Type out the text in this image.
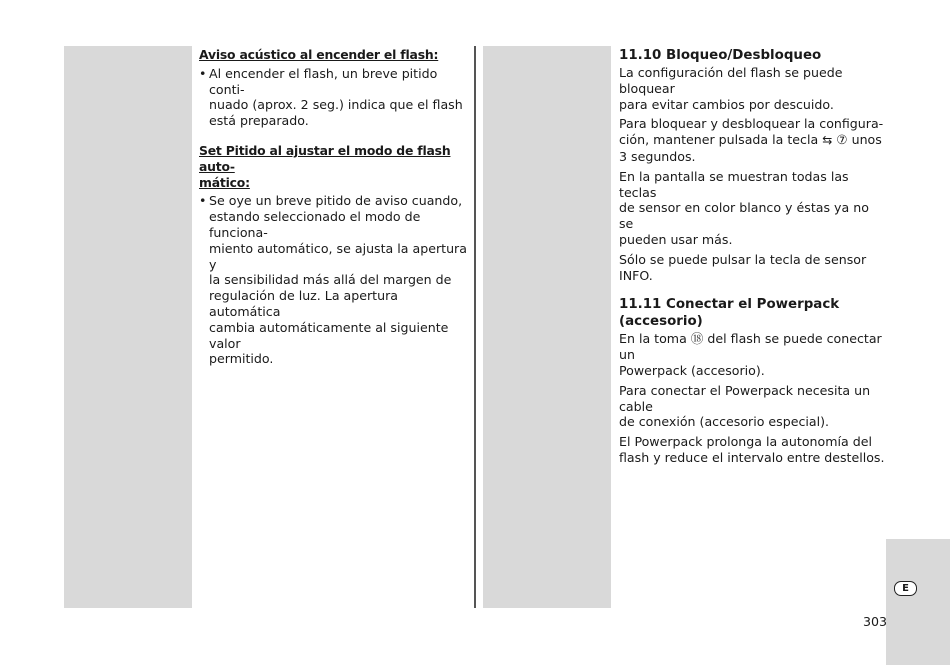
Aviso acústico al encender el flash:

• Al encender el flash, un breve pitido conti-
nuado (aprox. 2 seg.) indica que el flash
está preparado.

Set Pitido al ajustar el modo de flash auto-
mático:

• Se oye un breve pitido de aviso cuando,
estando seleccionado el modo de funciona-
miento automático, se ajusta la apertura y
la sensibilidad más allá del margen de
regulación de luz. La apertura automática
cambia automáticamente al siguiente valor
permitido.

11.10 Bloqueo/Desbloqueo

La configuración del flash se puede bloquear
para evitar cambios por descuido.

Para bloquear y desbloquear la configura-
ción, mantener pulsada la tecla ⇆ ⑦ unos
3 segundos.

En la pantalla se muestran todas las teclas
de sensor en color blanco y éstas ya no se
pueden usar más.

Sólo se puede pulsar la tecla de sensor INFO.

11.11 Conectar el Powerpack (accesorio)

En la toma ⑱ del flash se puede conectar un
Powerpack (accesorio).

Para conectar el Powerpack necesita un cable
de conexión (accesorio especial).

El Powerpack prolonga la autonomía del
flash y reduce el intervalo entre destellos.

E
303
